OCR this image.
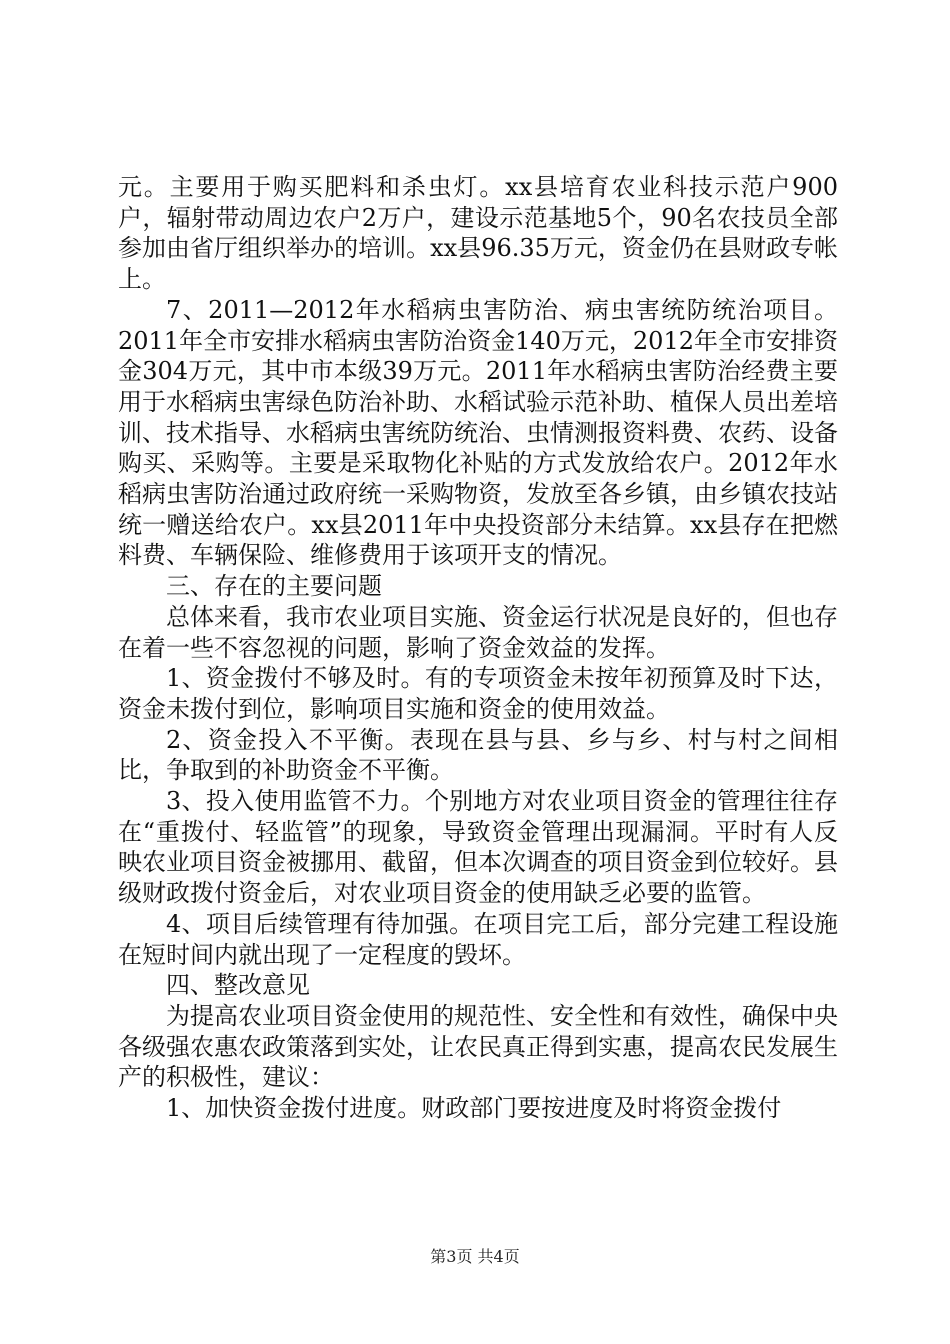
元。主要用于购买肥料和杀虫灯。xx县培育农业科技示范户900户，辐射带动周边农户2万户，建设示范基地5个，90名农技员全部参加由省厅组织举办的培训。xx县96.35万元，资金仍在县财政专帐上。

7、2011—2012年水稻病虫害防治、病虫害统防统治项目。2011年全市安排水稻病虫害防治资金140万元，2012年全市安排资金304万元，其中市本级39万元。2011年水稻病虫害防治经费主要用于水稻病虫害绿色防治补助、水稻试验示范补助、植保人员出差培训、技术指导、水稻病虫害统防统治、虫情测报资料费、农药、设备购买、采购等。主要是采取物化补贴的方式发放给农户。2012年水稻病虫害防治通过政府统一采购物资，发放至各乡镇，由乡镇农技站统一赠送给农户。xx县2011年中央投资部分未结算。xx县存在把燃料费、车辆保险、维修费用于该项开支的情况。

三、存在的主要问题

总体来看，我市农业项目实施、资金运行状况是良好的，但也存在着一些不容忽视的问题，影响了资金效益的发挥。

1、资金拨付不够及时。有的专项资金未按年初预算及时下达，资金未拨付到位，影响项目实施和资金的使用效益。

2、资金投入不平衡。表现在县与县、乡与乡、村与村之间相比，争取到的补助资金不平衡。

3、投入使用监管不力。个别地方对农业项目资金的管理往往存在“重拨付、轻监管”的现象，导致资金管理出现漏洞。平时有人反映农业项目资金被挪用、截留，但本次调查的项目资金到位较好。县级财政拨付资金后，对农业项目资金的使用缺乏必要的监管。

4、项目后续管理有待加强。在项目完工后，部分完建工程设施在短时间内就出现了一定程度的毁坏。

四、整改意见

为提高农业项目资金使用的规范性、安全性和有效性，确保中央各级强农惠农政策落到实处，让农民真正得到实惠，提高农民发展生产的积极性，建议：

1、加快资金拨付进度。财政部门要按进度及时将资金拨付

第3页 共4页
